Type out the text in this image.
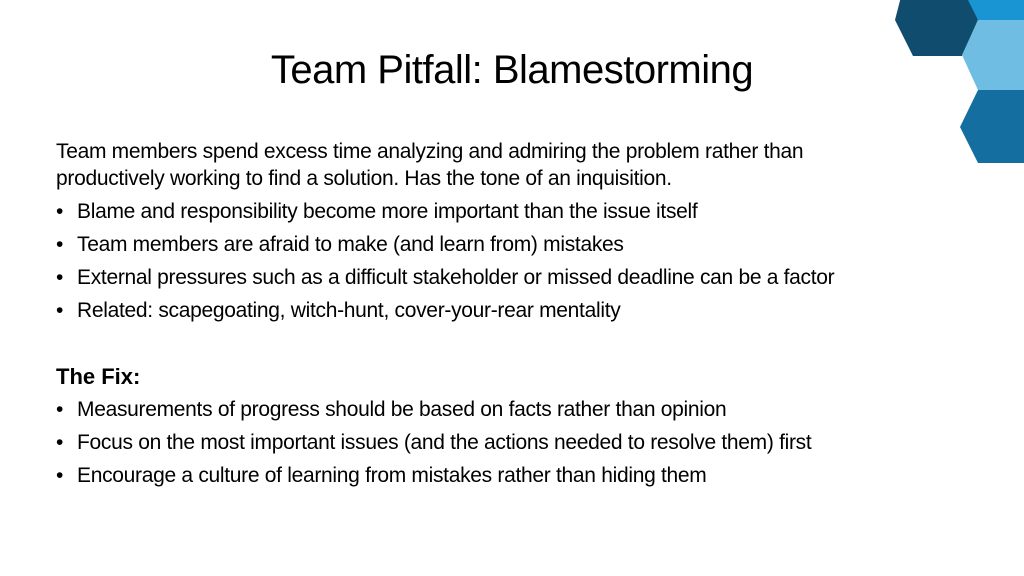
Team Pitfall: Blamestorming
Team members spend excess time analyzing and admiring the problem rather than
productively working to find a solution. Has the tone of an inquisition.
• Blame and responsibility become more important than the issue itself
• Team members are afraid to make (and learn from) mistakes
• External pressures such as a difficult stakeholder or missed deadline can be a factor
• Related: scapegoating, witch-hunt, cover-your-rear mentality
The Fix:
• Measurements of progress should be based on facts rather than opinion
• Focus on the most important issues (and the actions needed to resolve them) first
• Encourage a culture of learning from mistakes rather than hiding them
